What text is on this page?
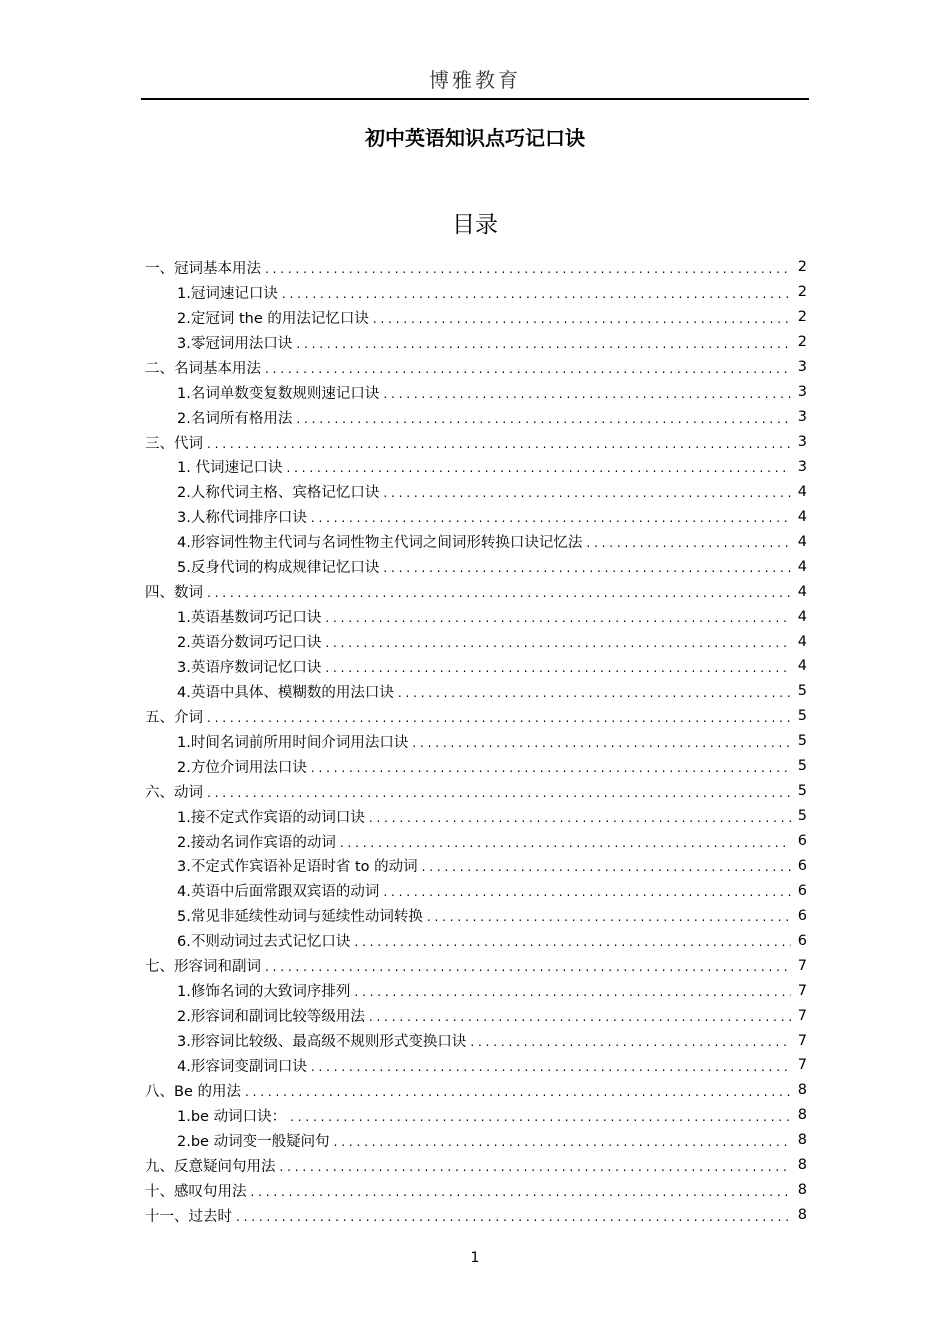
博雅教育
初中英语知识点巧记口诀
目录
一、冠词基本用法 . . .	2
1.冠词速记口诀 . . .	2
2.定冠词 the 的用法记忆口诀 . . .	2
3.零冠词用法口诀 . . .	2
二、名词基本用法 . . .	3
1.名词单数变复数规则速记口诀 . . .	3
2.名词所有格用法 . . .	3
三、代词 . . .	3
1. 代词速记口诀 . . .	3
2.人称代词主格、宾格记忆口诀 . . .	4
3.人称代词排序口诀 . . .	4
4.形容词性物主代词与名词性物主代词之间词形转换口诀记忆法 . . .	4
5.反身代词的构成规律记忆口诀 . . .	4
四、数词 . . .	4
1.英语基数词巧记口诀 . . .	4
2.英语分数词巧记口诀 . . .	4
3.英语序数词记忆口诀 . . .	4
4.英语中具体、模糊数的用法口诀 . . .	5
五、介词 . . .	5
1.时间名词前所用时间介词用法口诀 . . .	5
2.方位介词用法口诀 . . .	5
六、动词 . . .	5
1.接不定式作宾语的动词口诀 . . .	5
2.接动名词作宾语的动词 . . .	6
3.不定式作宾语补足语时省 to 的动词 . . .	6
4.英语中后面常跟双宾语的动词 . . .	6
5.常见非延续性动词与延续性动词转换 . . .	6
6.不则动词过去式记忆口诀 . . .	6
七、形容词和副词 . . .	7
1.修饰名词的大致词序排列 . . .	7
2.形容词和副词比较等级用法 . . .	7
3.形容词比较级、最高级不规则形式变换口诀 . . .	7
4.形容词变副词口诀 . . .	7
八、Be 的用法 . . .	8
1.be 动词口诀： . . .	8
2.be 动词变一般疑问句 . . .	8
九、反意疑问句用法 . . .	8
十、感叹句用法 . . .	8
十一、过去时 . . .	8
1
